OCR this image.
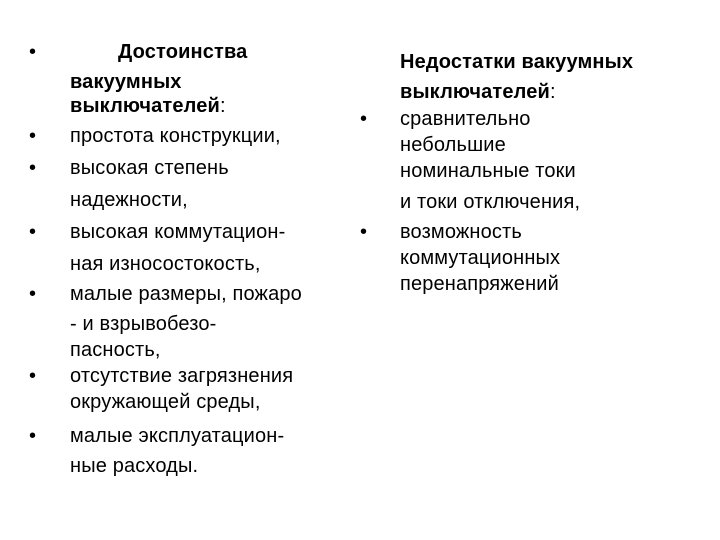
•	Достоинства
вакуумных
выключателей:
• простота конструкции,
• высокая степень
надежности,
• высокая коммутацион-
ная износостокость,
• малые размеры, пожаро
- и взрывобезо-
пасность,
• отсутствие загрязнения
окружающей среды,
• малые эксплуатацион-
ные расходы.
Недостатки вакуумных
выключателей:
• сравнительно
небольшие
номинальные токи
и токи отключения,
• возможность
коммутационных
перенапряжений
